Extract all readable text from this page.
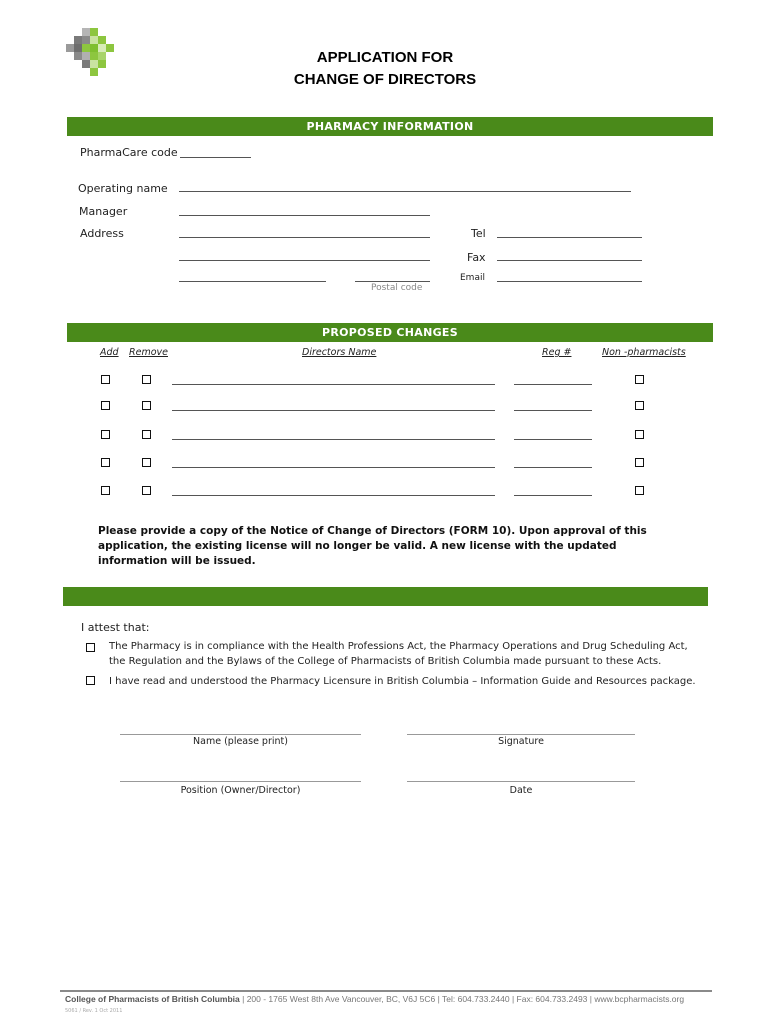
APPLICATION FOR
CHANGE OF DIRECTORS
PHARMACY INFORMATION
PharmaCare code
Operating name
Manager
Address
Postal code
Tel
Fax
Email
PROPOSED CHANGES
Add Remove	Directors Name	Reg #	Non -pharmacists
Please provide a copy of the Notice of Change of Directors (FORM 10). Upon approval of this application, the existing license will no longer be valid. A new license with the updated information will be issued.
I attest that:
The Pharmacy is in compliance with the Health Professions Act, the Pharmacy Operations and Drug Scheduling Act,
the Regulation and the Bylaws of the College of Pharmacists of British Columbia made pursuant to these Acts.
I have read and understood the Pharmacy Licensure in British Columbia – Information Guide and Resources package.
Name (please print)	Signature
Position (Owner/Director)	Date
College of Pharmacists of British Columbia | 200 - 1765 West 8th Ave Vancouver, BC, V6J 5C6 | Tel: 604.733.2440 | Fax: 604.733.2493 | www.bcpharmacists.org
5061 / Rev. 1 Oct 2011
